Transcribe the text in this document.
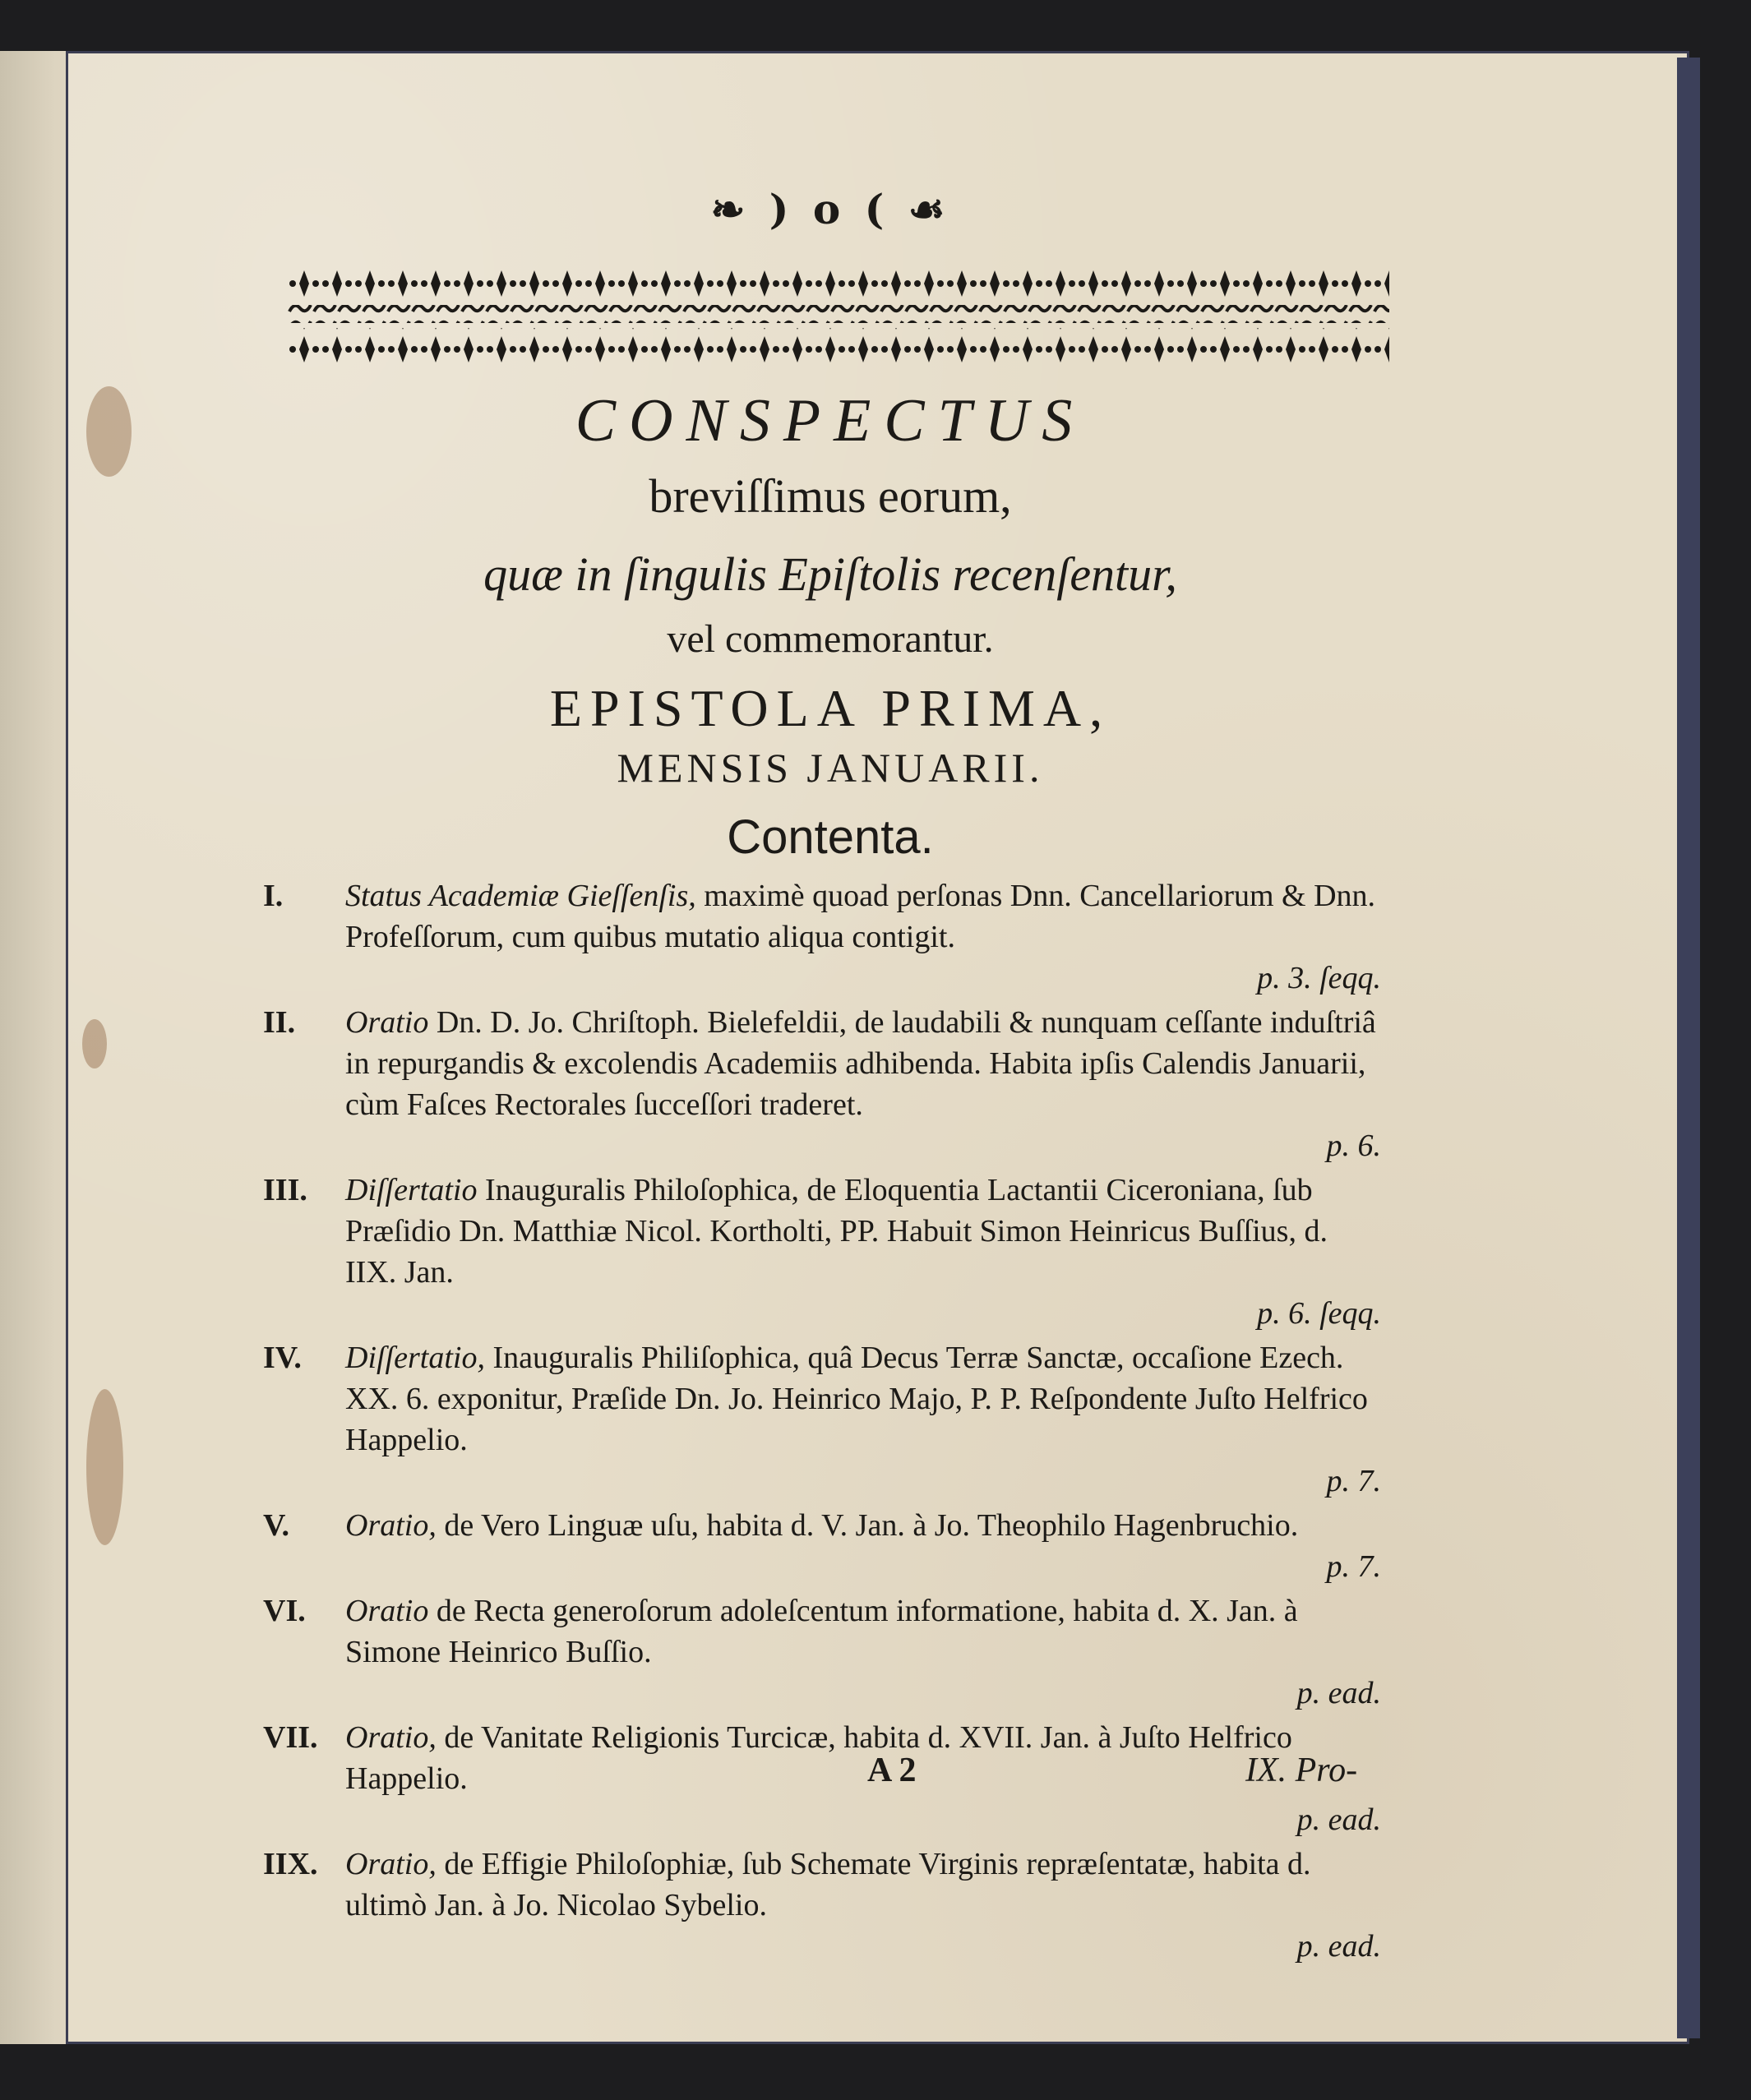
❧ ) o ( ☙
CONSPECTUS
breviſſimus eorum,
quæ in ſingulis Epiſtolis recenſentur,
vel commemorantur.
EPISTOLA PRIMA,
MENSIS JANUARII.
Contenta.
I. Status Academiæ Gieſſenſis, maximè quoad perſonas Dnn. Cancellariorum & Dnn. Profeſſorum, cum quibus mutatio aliqua contigit.
p. 3. ſeqq.
II. Oratio Dn. D. Jo. Chriſtoph. Bielefeldii, de laudabili & nunquam ceſſante induſtriâ in repurgandis & excolendis Academiis adhibenda. Habita ipſis Calendis Januarii, cùm Faſces Rectorales ſucceſſori traderet.
p. 6.
III. Diſſertatio Inauguralis Philoſophica, de Eloquentia Lactantii Ciceroniana, ſub Præſidio Dn. Matthiæ Nicol. Kortholti, PP. Habuit Simon Heinricus Buſſius, d. IIX. Jan.
p. 6. ſeqq.
IV. Diſſertatio, Inauguralis Philiſophica, quâ Decus Terræ Sanctæ, occaſione Ezech. XX. 6. exponitur, Præſide Dn. Jo. Heinrico Majo, P. P. Reſpondente Juſto Helfrico Happelio.
p. 7.
V. Oratio, de Vero Linguæ uſu, habita d. V. Jan. à Jo. Theophilo Hagenbruchio.
p. 7.
VI. Oratio de Recta generoſorum adoleſcentum informatione, habita d. X. Jan. à Simone Heinrico Buſſio.
p. ead.
VII. Oratio, de Vanitate Religionis Turcicæ, habita d. XVII. Jan. à Juſto Helfrico Happelio.
p. ead.
IIX. Oratio, de Effigie Philoſophiæ, ſub Schemate Virginis repræſentatæ, habita d. ultimò Jan. à Jo. Nicolao Sybelio.
p. ead.
A 2	IX. Pro-
